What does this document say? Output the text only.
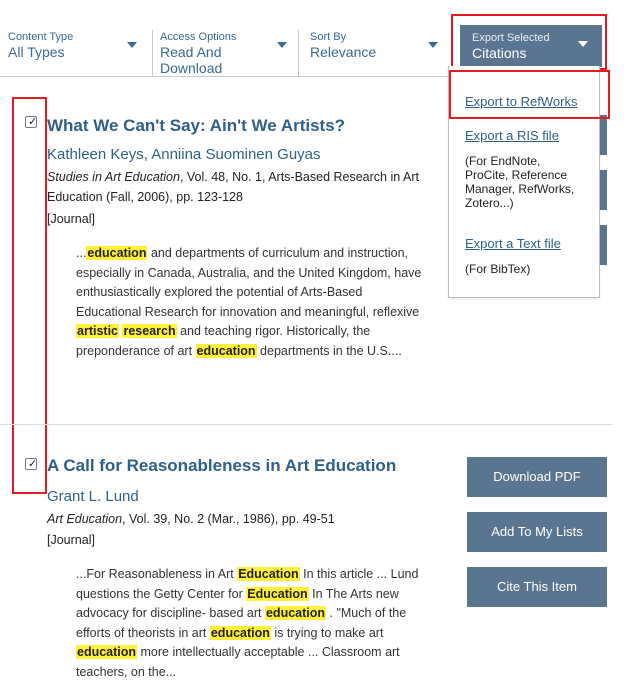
Content Type
All Types
Access Options
Read And Download
Sort By
Relevance
Export Selected
Citations
Export to RefWorks
Export a RIS file
(For EndNote, ProCite, Reference Manager, RefWorks, Zotero...)
Export a Text file
(For BibTex)
✓ What We Can't Say: Ain't We Artists?
Kathleen Keys, Anniina Suominen Guyas
Studies in Art Education, Vol. 48, No. 1, Arts-Based Research in Art Education (Fall, 2006), pp. 123-128
[Journal]
...education and departments of curriculum and instruction, especially in Canada, Australia, and the United Kingdom, have enthusiastically explored the potential of Arts-Based Educational Research for innovation and meaningful, reflexive artistic research and teaching rigor. Historically, the preponderance of art education departments in the U.S....
✓ A Call for Reasonableness in Art Education
Grant L. Lund
Art Education, Vol. 39, No. 2 (Mar., 1986), pp. 49-51
[Journal]
...For Reasonableness in Art Education In this article ... Lund questions the Getty Center for Education In The Arts new advocacy for discipline- based art education . "Much of the efforts of theorists in art education is trying to make art education more intellectually acceptable ... Classroom art teachers, on the...
Download PDF
Add To My Lists
Cite This Item
